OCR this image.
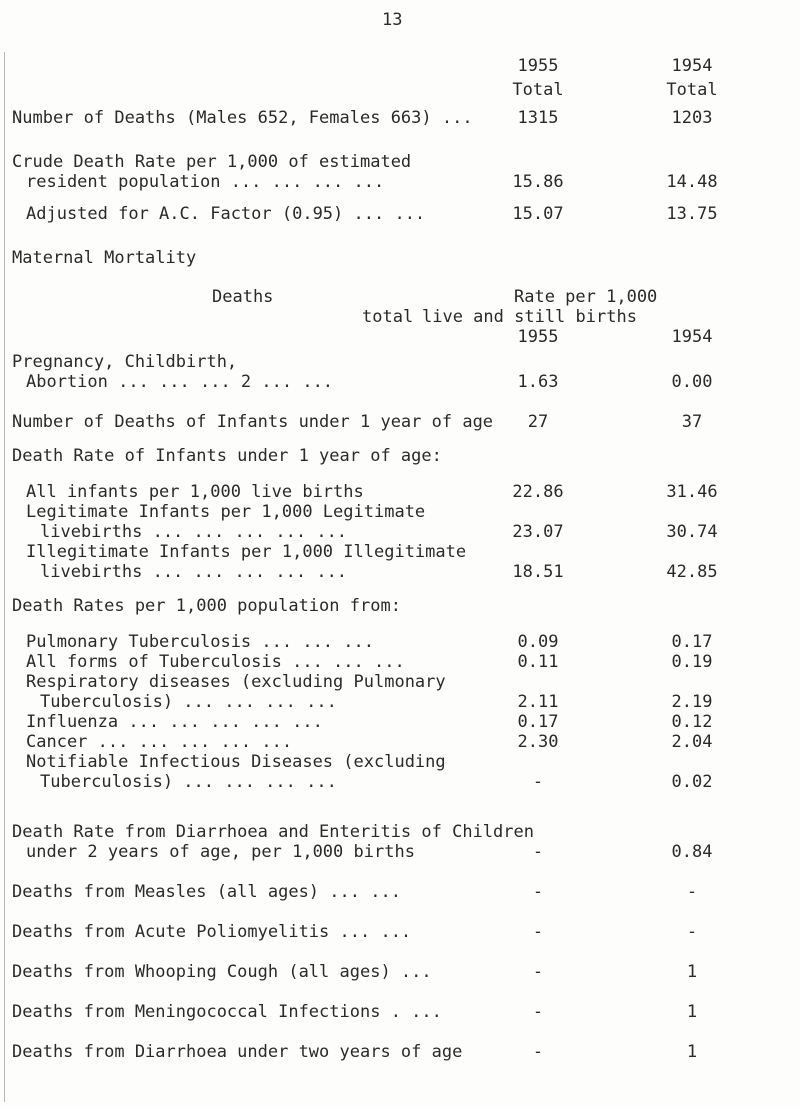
13
1955	1954
Total	Total
Number of Deaths (Males 652, Females 663) ...	1315	1203
Crude Death Rate per 1,000 of estimated
resident population ... ... ... ...	15.86	14.48
Adjusted for A.C. Factor (0.95) ... ...	15.07	13.75
Maternal Mortality
Deaths	Rate per 1,000
total live and still births
1955	1954
Pregnancy, Childbirth,
Abortion ... ... ... 2 ... ...	1.63	0.00
Number of Deaths of Infants under 1 year of age	27	37
Death Rate of Infants under 1 year of age:
All infants per 1,000 live births	22.86	31.46
Legitimate Infants per 1,000 Legitimate
livebirths ... ... ... ... ...	23.07	30.74
Illegitimate Infants per 1,000 Illegitimate
livebirths ... ... ... ... ...	18.51	42.85
Death Rates per 1,000 population from:
Pulmonary Tuberculosis ... ... ...	0.09	0.17
All forms of Tuberculosis ... ... ...	0.11	0.19
Respiratory diseases (excluding Pulmonary
Tuberculosis) ... ... ... ...	2.11	2.19
Influenza ... ... ... ... ...	0.17	0.12
Cancer ... ... ... ... ...	2.30	2.04
Notifiable Infectious Diseases (excluding
Tuberculosis) ... ... ... ...	-	0.02
Death Rate from Diarrhoea and Enteritis of Children
under 2 years of age, per 1,000 births	-	0.84
Deaths from Measles (all ages) ... ...	-	-
Deaths from Acute Poliomyelitis ... ...	-	-
Deaths from Whooping Cough (all ages) ...	-	1
Deaths from Meningococcal Infections . ...	-	1
Deaths from Diarrhoea under two years of age	-	1
